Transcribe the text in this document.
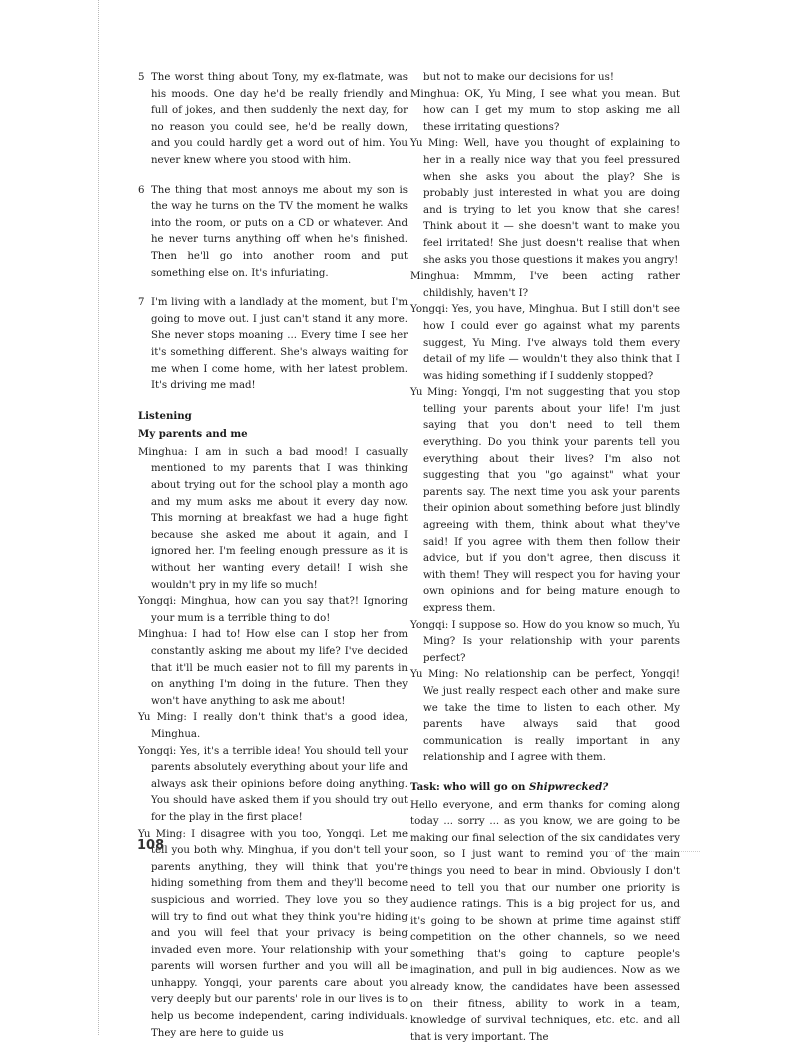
5 The worst thing about Tony, my ex-flatmate, was his moods. One day he'd be really friendly and full of jokes, and then suddenly the next day, for no reason you could see, he'd be really down, and you could hardly get a word out of him. You never knew where you stood with him.
6 The thing that most annoys me about my son is the way he turns on the TV the moment he walks into the room, or puts on a CD or whatever. And he never turns anything off when he's finished. Then he'll go into another room and put something else on. It's infuriating.
7 I'm living with a landlady at the moment, but I'm going to move out. I just can't stand it any more. She never stops moaning ... Every time I see her it's something different. She's always waiting for me when I come home, with her latest problem. It's driving me mad!
Listening
My parents and me
Minghua: I am in such a bad mood! I casually mentioned to my parents that I was thinking about trying out for the school play a month ago and my mum asks me about it every day now. This morning at breakfast we had a huge fight because she asked me about it again, and I ignored her. I'm feeling enough pressure as it is without her wanting every detail! I wish she wouldn't pry in my life so much!
Yongqi: Minghua, how can you say that?! Ignoring your mum is a terrible thing to do!
Minghua: I had to! How else can I stop her from constantly asking me about my life? I've decided that it'll be much easier not to fill my parents in on anything I'm doing in the future. Then they won't have anything to ask me about!
Yu Ming: I really don't think that's a good idea, Minghua.
Yongqi: Yes, it's a terrible idea! You should tell your parents absolutely everything about your life and always ask their opinions before doing anything. You should have asked them if you should try out for the play in the first place!
Yu Ming: I disagree with you too, Yongqi. Let me tell you both why. Minghua, if you don't tell your parents anything, they will think that you're hiding something from them and they'll become suspicious and worried. They love you so they will try to find out what they think you're hiding and you will feel that your privacy is being invaded even more. Your relationship with your parents will worsen further and you will all be unhappy. Yongqi, your parents care about you very deeply but our parents' role in our lives is to help us become independent, caring individuals. They are here to guide us
but not to make our decisions for us!
Minghua: OK, Yu Ming, I see what you mean. But how can I get my mum to stop asking me all these irritating questions?
Yu Ming: Well, have you thought of explaining to her in a really nice way that you feel pressured when she asks you about the play? She is probably just interested in what you are doing and is trying to let you know that she cares! Think about it — she doesn't want to make you feel irritated! She just doesn't realise that when she asks you those questions it makes you angry!
Minghua: Mmmm, I've been acting rather childishly, haven't I?
Yongqi: Yes, you have, Minghua. But I still don't see how I could ever go against what my parents suggest, Yu Ming. I've always told them every detail of my life — wouldn't they also think that I was hiding something if I suddenly stopped?
Yu Ming: Yongqi, I'm not suggesting that you stop telling your parents about your life! I'm just saying that you don't need to tell them everything. Do you think your parents tell you everything about their lives? I'm also not suggesting that you "go against" what your parents say. The next time you ask your parents their opinion about something before just blindly agreeing with them, think about what they've said! If you agree with them then follow their advice, but if you don't agree, then discuss it with them! They will respect you for having your own opinions and for being mature enough to express them.
Yongqi: I suppose so. How do you know so much, Yu Ming? Is your relationship with your parents perfect?
Yu Ming: No relationship can be perfect, Yongqi! We just really respect each other and make sure we take the time to listen to each other. My parents have always said that good communication is really important in any relationship and I agree with them.
Task: who will go on Shipwrecked?
Hello everyone, and erm thanks for coming along today ... sorry ... as you know, we are going to be making our final selection of the six candidates very soon, so I just want to remind you of the main things you need to bear in mind. Obviously I don't need to tell you that our number one priority is audience ratings. This is a big project for us, and it's going to be shown at prime time against stiff competition on the other channels, so we need something that's going to capture people's imagination, and pull in big audiences. Now as we already know, the candidates have been assessed on their fitness, ability to work in a team, knowledge of survival techniques, etc. etc. and all that is very important. The
108
